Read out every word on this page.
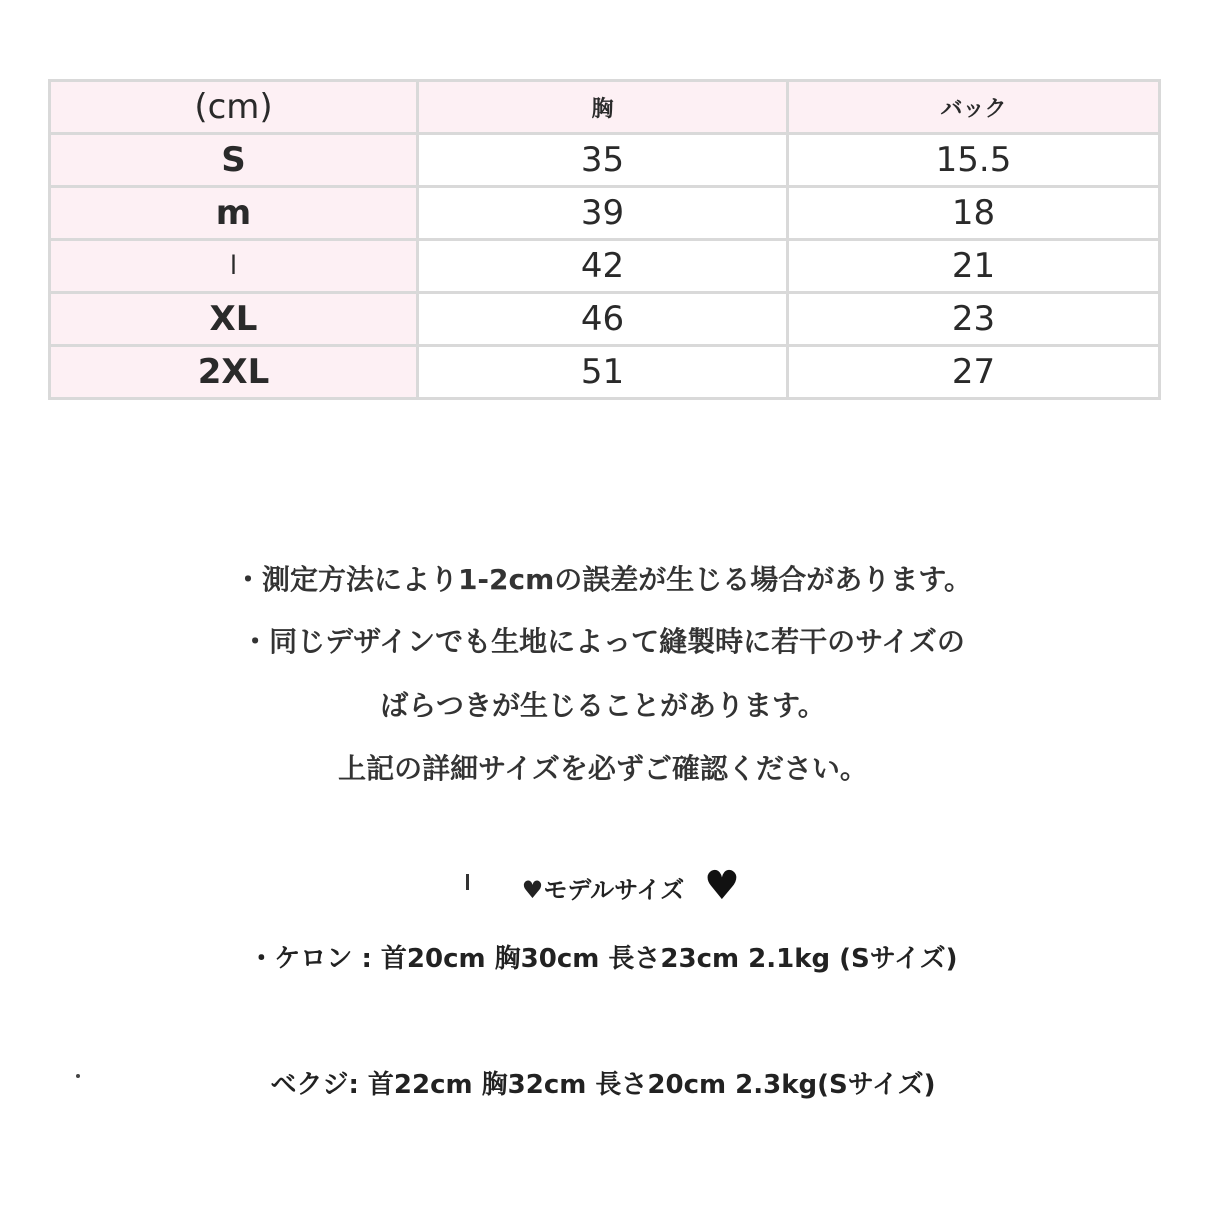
(cm)	胸	バック
S	35	15.5
m	39	18
l	42	21
XL	46	23
2XL	51	27
・測定方法により1-2cmの誤差が生じる場合があります。
・同じデザインでも生地によって縫製時に若干のサイズの
ばらつきが生じることがあります。
上記の詳細サイズを必ずご確認ください。
♥モデルサイズ ♥
・ケロン : 首20cm 胸30cm 長さ23cm 2.1kg (Sサイズ)
ベクジ: 首22cm 胸32cm 長さ20cm 2.3kg(Sサイズ)
